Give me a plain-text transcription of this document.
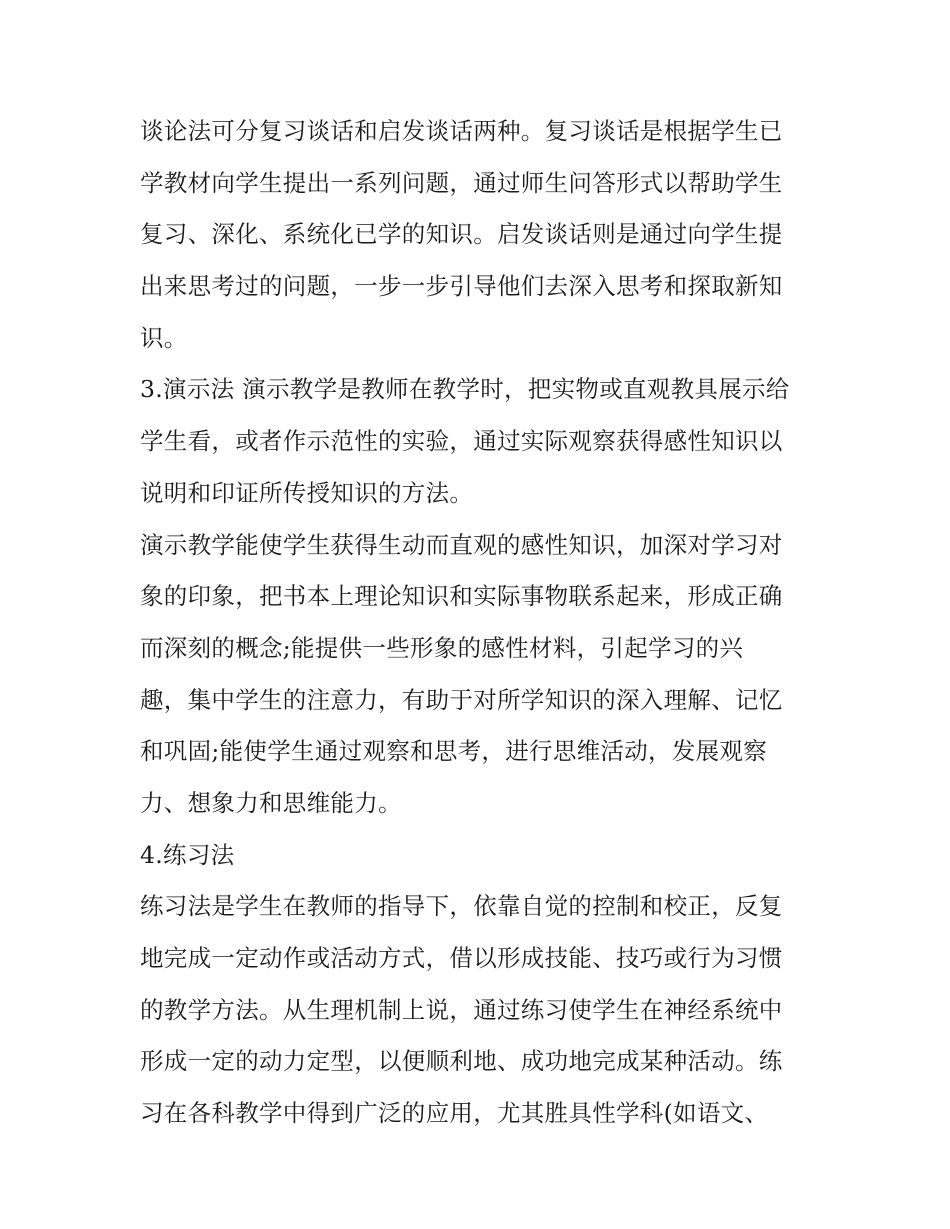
谈论法可分复习谈话和启发谈话两种。复习谈话是根据学生已
学教材向学生提出一系列问题，通过师生问答形式以帮助学生
复习、深化、系统化已学的知识。启发谈话则是通过向学生提
出来思考过的问题，一步一步引导他们去深入思考和探取新知
识。
3.演示法 演示教学是教师在教学时，把实物或直观教具展示给
学生看，或者作示范性的实验，通过实际观察获得感性知识以
说明和印证所传授知识的方法。
演示教学能使学生获得生动而直观的感性知识，加深对学习对
象的印象，把书本上理论知识和实际事物联系起来，形成正确
而深刻的概念;能提供一些形象的感性材料，引起学习的兴
趣，集中学生的注意力，有助于对所学知识的深入理解、记忆
和巩固;能使学生通过观察和思考，进行思维活动，发展观察
力、想象力和思维能力。
4.练习法
练习法是学生在教师的指导下，依靠自觉的控制和校正，反复
地完成一定动作或活动方式，借以形成技能、技巧或行为习惯
的教学方法。从生理机制上说，通过练习使学生在神经系统中
形成一定的动力定型，以便顺利地、成功地完成某种活动。练
习在各科教学中得到广泛的应用，尤其胜具性学科(如语文、
